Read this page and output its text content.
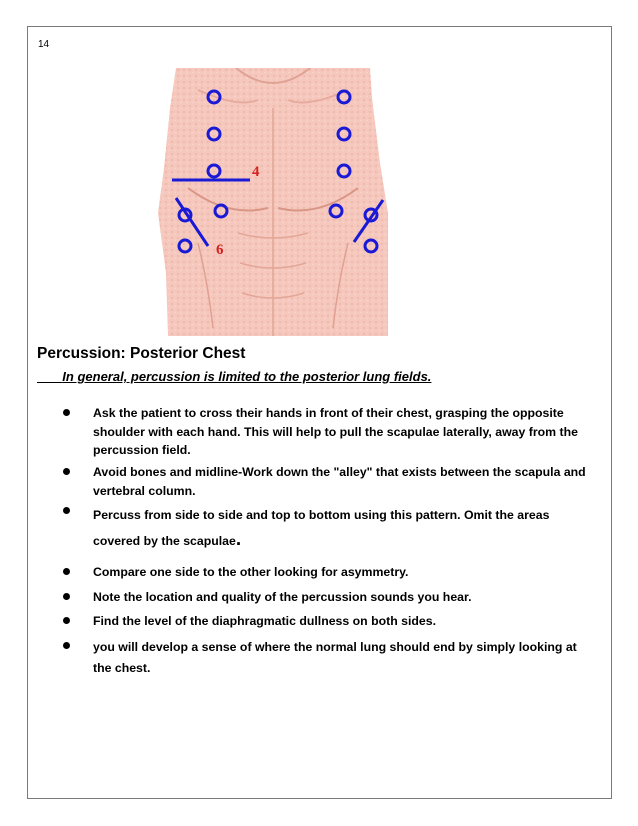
14
4
6
Percussion: Posterior Chest
In general, percussion is limited to the posterior lung fields.
Ask the patient to cross their hands in front of their chest, grasping the opposite shoulder with each hand. This will help to pull the scapulae laterally, away from the percussion field.
Avoid bones and midline-Work down the "alley" that exists between the scapula and vertebral column.
Percuss from side to side and top to bottom using this pattern. Omit the areas covered by the scapulae.
Compare one side to the other looking for asymmetry.
Note the location and quality of the percussion sounds you hear.
Find the level of the diaphragmatic dullness on both sides.
you will develop a sense of where the normal lung should end by simply looking at the chest.
